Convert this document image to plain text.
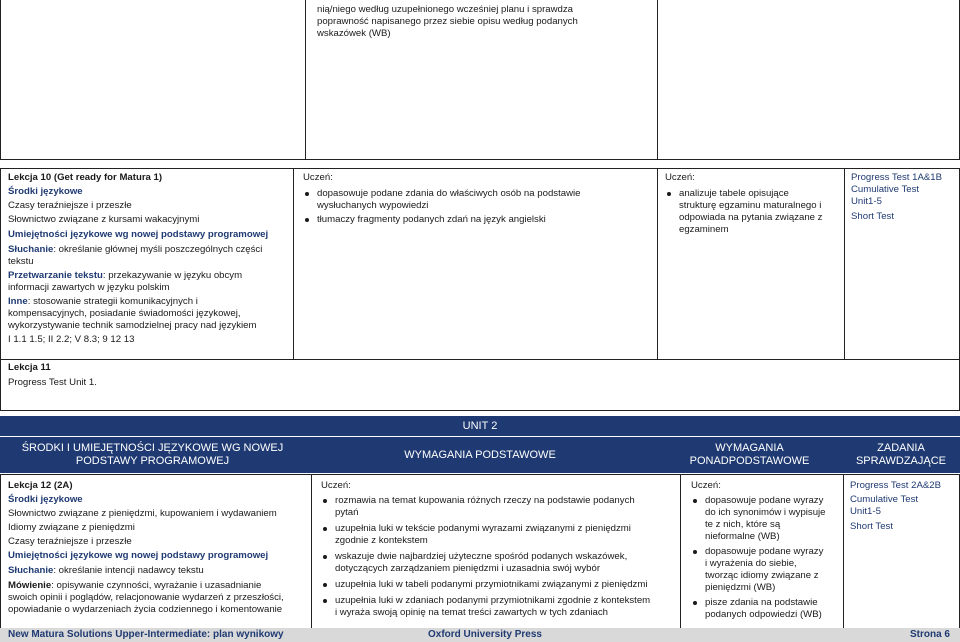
nią/niego według uzupełnionego wcześniej planu i sprawdza
poprawność napisanego przez siebie opisu według podanych
wskazówek (WB)
Lekcja 10 (Get ready for Matura 1)
Środki językowe
Czasy teraźniejsze i przeszłe
Słownictwo związane z kursami wakacyjnymi
Umiejętności językowe wg nowej podstawy programowej
Słuchanie: określanie głównej myśli poszczególnych części
tekstu
Przetwarzanie tekstu: przekazywanie w języku obcym
informacji zawartych w języku polskim
Inne: stosowanie strategii komunikacyjnych i
kompensacyjnych, posiadanie świadomości językowej,
wykorzystywanie technik samodzielnej pracy nad językiem
I 1.1 1.5; II 2.2; V 8.3; 9 12 13
Uczeń:
dopasowuje podane zdania do właściwych osób na podstawie
wysłuchanych wypowiedzi
tłumaczy fragmenty podanych zdań na język angielski
Uczeń:
analizuje tabele opisujące
strukturę egzaminu maturalnego i
odpowiada na pytania związane z
egzaminem
Progress Test 1A&1B
Cumulative Test
Unit1-5
Short Test
Lekcja 11
Progress Test Unit 1.
UNIT 2
ŚRODKI I UMIEJĘTNOŚCI JĘZYKOWE WG NOWEJ
PODSTAWY PROGRAMOWEJ
WYMAGANIA PODSTAWOWE
WYMAGANIA
PONADPODSTAWOWE
ZADANIA
SPRAWDZAJĄCE
Lekcja 12 (2A)
Środki językowe
Słownictwo związane z pieniędzmi, kupowaniem i wydawaniem
Idiomy związane z pieniędzmi
Czasy teraźniejsze i przeszłe
Umiejętności językowe wg nowej podstawy programowej
Słuchanie: określanie intencji nadawcy tekstu
Mówienie: opisywanie czynności, wyrażanie i uzasadnianie
swoich opinii i poglądów, relacjonowanie wydarzeń z przeszłości,
opowiadanie o wydarzeniach życia codziennego i komentowanie
Uczeń:
rozmawia na temat kupowania różnych rzeczy na podstawie podanych
pytań
uzupełnia luki w tekście podanymi wyrazami związanymi z pieniędzmi
zgodnie z kontekstem
wskazuje dwie najbardziej użyteczne spośród podanych wskazówek,
dotyczących zarządzaniem pieniędzmi i uzasadnia swój wybór
uzupełnia luki w tabeli podanymi przymiotnikami związanymi z pieniędzmi
uzupełnia luki w zdaniach podanymi przymiotnikami zgodnie z kontekstem
i wyraża swoją opinię na temat treści zawartych w tych zdaniach
Uczeń:
dopasowuje podane wyrazy
do ich synonimów i wypisuje
te z nich, które są
nieformalne (WB)
dopasowuje podane wyrazy
i wyrażenia do siebie,
tworząc idiomy związane z
pieniędzmi (WB)
pisze zdania na podstawie
podanych odpowiedzi (WB)
Progress Test 2A&2B
Cumulative Test
Unit1-5
Short Test
New Matura Solutions Upper-Intermediate: plan wynikowy	Oxford University Press	Strona 6
